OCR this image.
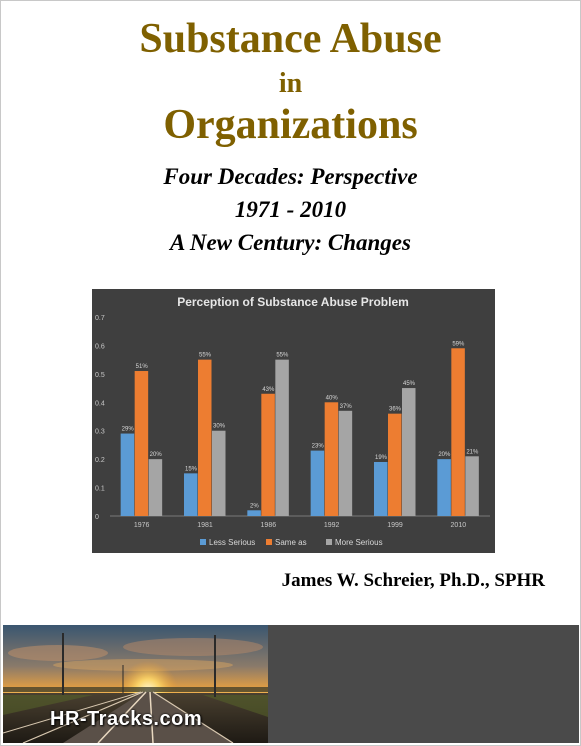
Substance Abuse
in
Organizations
Four Decades: Perspective
1971 - 2010
A New Century: Changes
Perception of Substance Abuse Problem
0
0.1
0.2
0.3
0.4
0.5
0.6
0.7
29%
51%
20%
1976
15%
55%
30%
1981
2%
43%
55%
1986
23%
40%
37%
1992
19%
36%
45%
1999
20%
59%
21%
2010
Less Serious Same as	More Serious
James W. Schreier, Ph.D., SPHR
HR-Tracks.com
